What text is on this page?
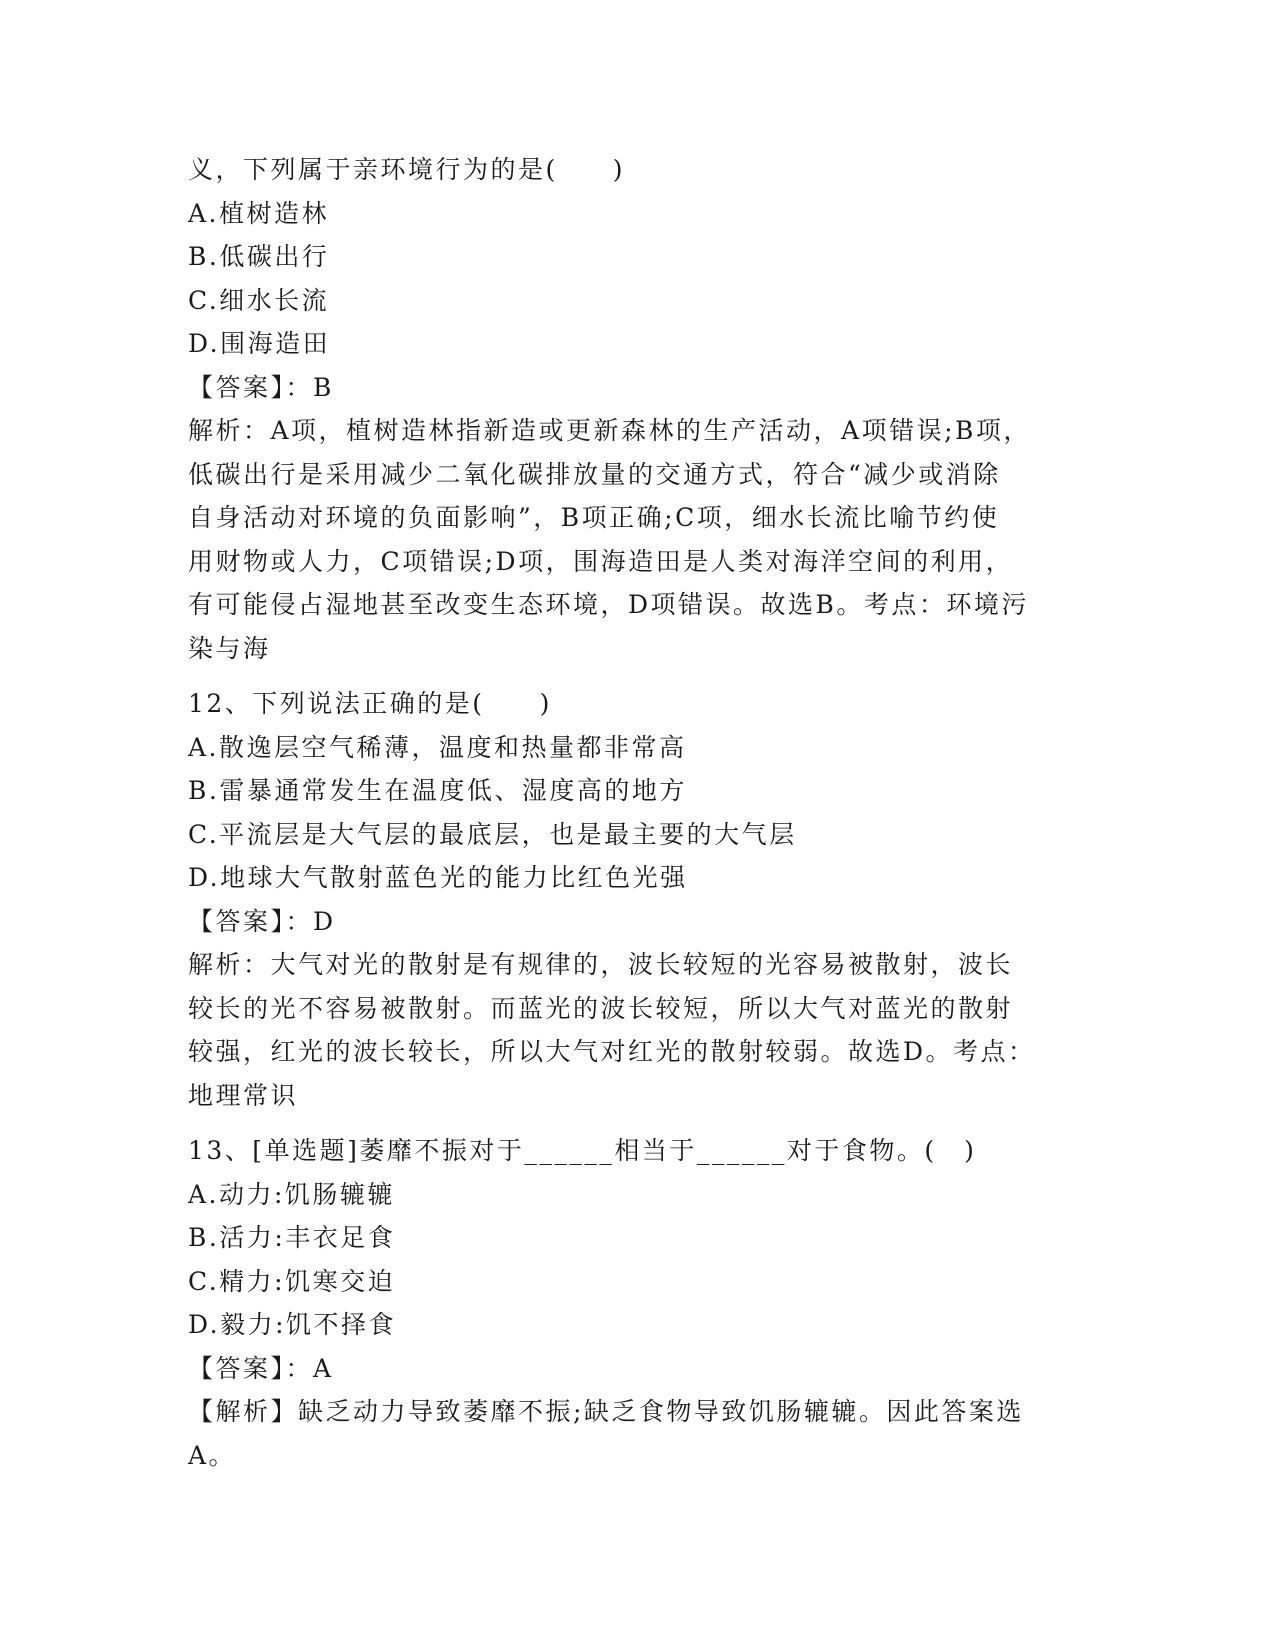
义，下列属于亲环境行为的是(　　)
A.植树造林
B.低碳出行
C.细水长流
D.围海造田
【答案】：B
解析：A项，植树造林指新造或更新森林的生产活动，A项错误;B项，
低碳出行是采用减少二氧化碳排放量的交通方式，符合“减少或消除
自身活动对环境的负面影响”，B项正确;C项，细水长流比喻节约使
用财物或人力，C项错误;D项，围海造田是人类对海洋空间的利用，
有可能侵占湿地甚至改变生态环境，D项错误。故选B。考点：环境污
染与海
12、下列说法正确的是(　　)
A.散逸层空气稀薄，温度和热量都非常高
B.雷暴通常发生在温度低、湿度高的地方
C.平流层是大气层的最底层，也是最主要的大气层
D.地球大气散射蓝色光的能力比红色光强
【答案】：D
解析：大气对光的散射是有规律的，波长较短的光容易被散射，波长
较长的光不容易被散射。而蓝光的波长较短，所以大气对蓝光的散射
较强，红光的波长较长，所以大气对红光的散射较弱。故选D。考点：
地理常识
13、[单选题]萎靡不振对于______相当于______对于食物。(　)
A.动力:饥肠辘辘
B.活力:丰衣足食
C.精力:饥寒交迫
D.毅力:饥不择食
【答案】：A
【解析】缺乏动力导致萎靡不振;缺乏食物导致饥肠辘辘。因此答案选
A。
